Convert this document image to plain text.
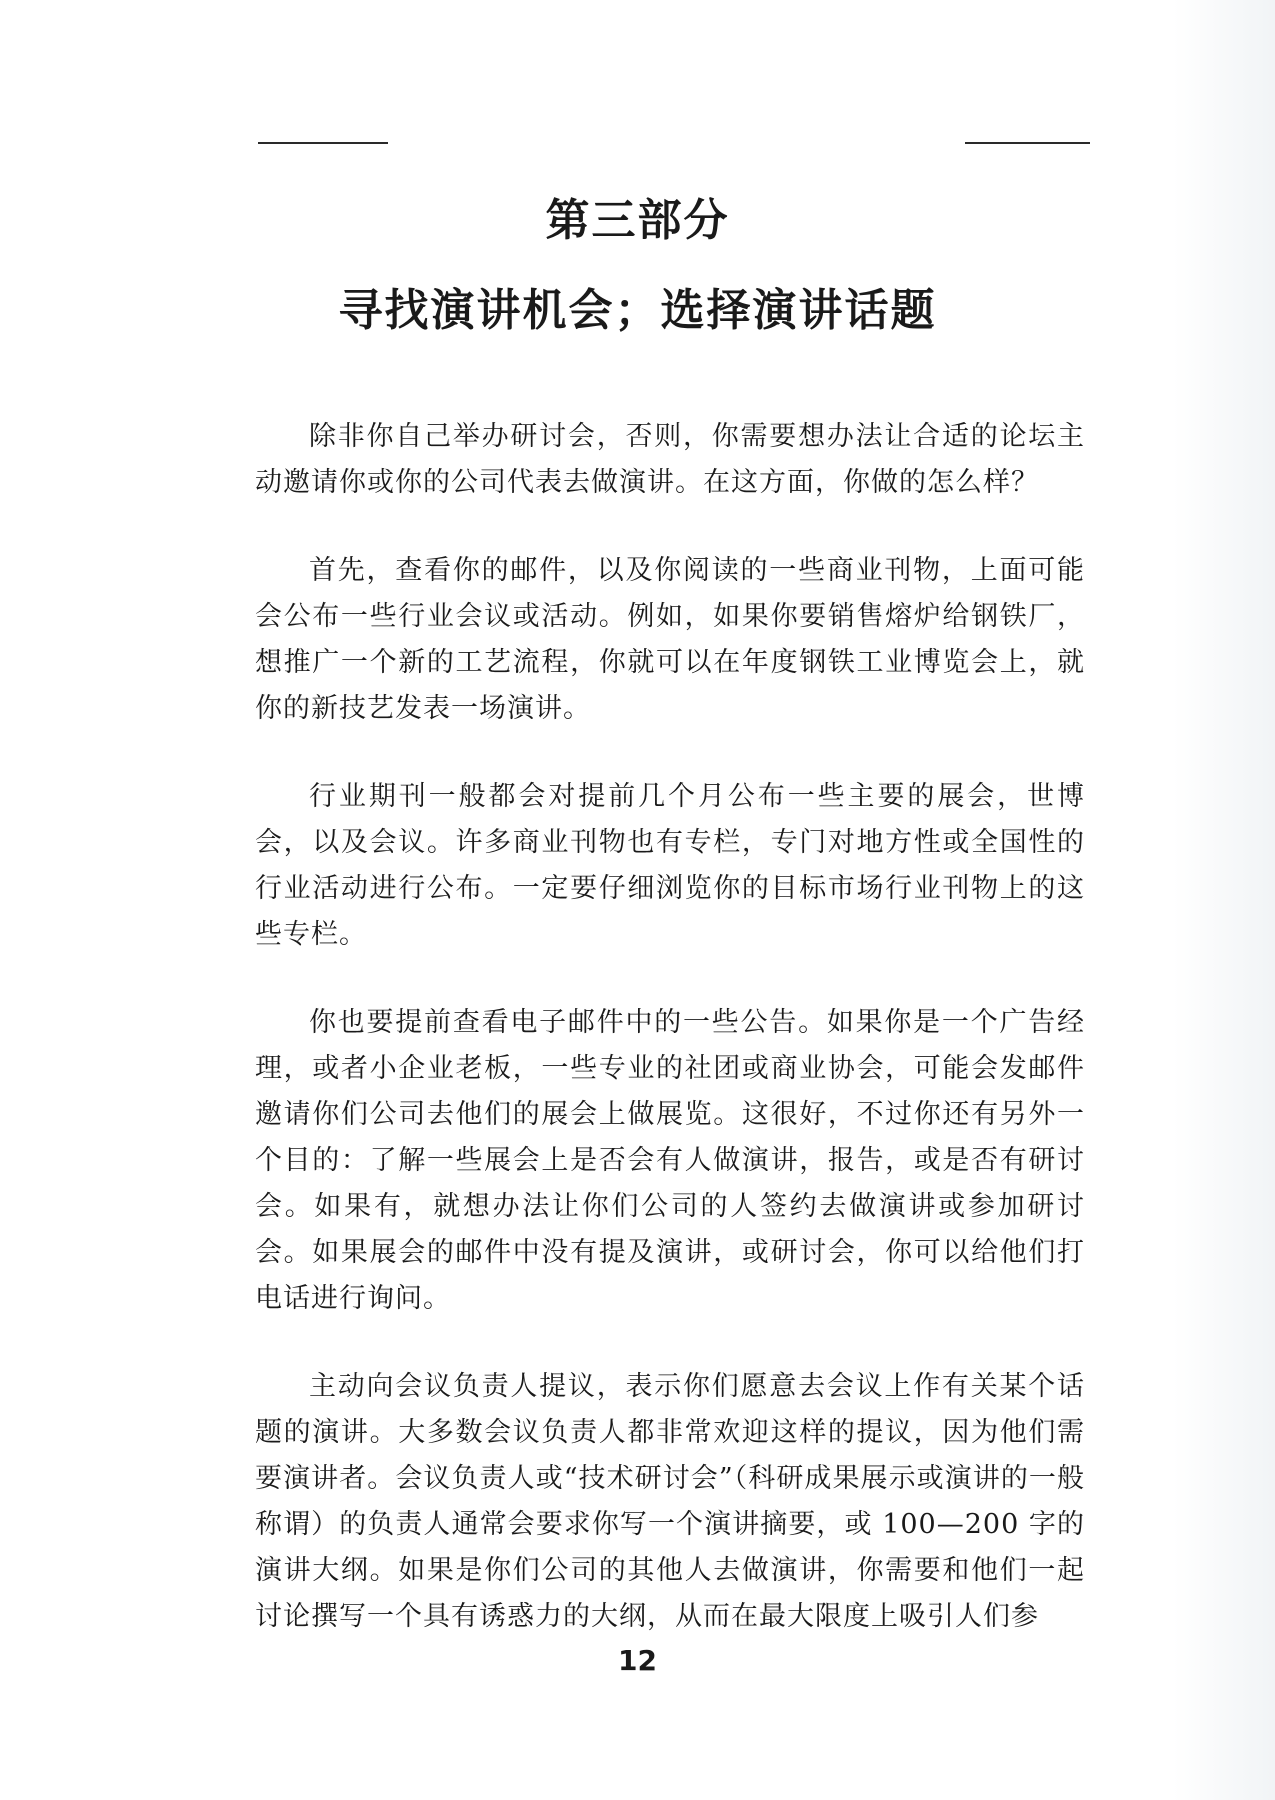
第三部分
寻找演讲机会；选择演讲话题

除非你自己举办研讨会，否则，你需要想办法让合适的论坛主动邀请你或你的公司代表去做演讲。在这方面，你做的怎么样？

首先，查看你的邮件，以及你阅读的一些商业刊物，上面可能会公布一些行业会议或活动。例如，如果你要销售熔炉给钢铁厂，想推广一个新的工艺流程，你就可以在年度钢铁工业博览会上，就你的新技艺发表一场演讲。

行业期刊一般都会对提前几个月公布一些主要的展会，世博会，以及会议。许多商业刊物也有专栏，专门对地方性或全国性的行业活动进行公布。一定要仔细浏览你的目标市场行业刊物上的这些专栏。

你也要提前查看电子邮件中的一些公告。如果你是一个广告经理，或者小企业老板，一些专业的社团或商业协会，可能会发邮件邀请你们公司去他们的展会上做展览。这很好，不过你还有另外一个目的：了解一些展会上是否会有人做演讲，报告，或是否有研讨会。如果有，就想办法让你们公司的人签约去做演讲或参加研讨会。如果展会的邮件中没有提及演讲，或研讨会，你可以给他们打电话进行询问。

主动向会议负责人提议，表示你们愿意去会议上作有关某个话题的演讲。大多数会议负责人都非常欢迎这样的提议，因为他们需要演讲者。会议负责人或“技术研讨会”（科研成果展示或演讲的一般称谓）的负责人通常会要求你写一个演讲摘要，或 100—200 字的演讲大纲。如果是你们公司的其他人去做演讲，你需要和他们一起讨论撰写一个具有诱惑力的大纲，从而在最大限度上吸引人们参

12
